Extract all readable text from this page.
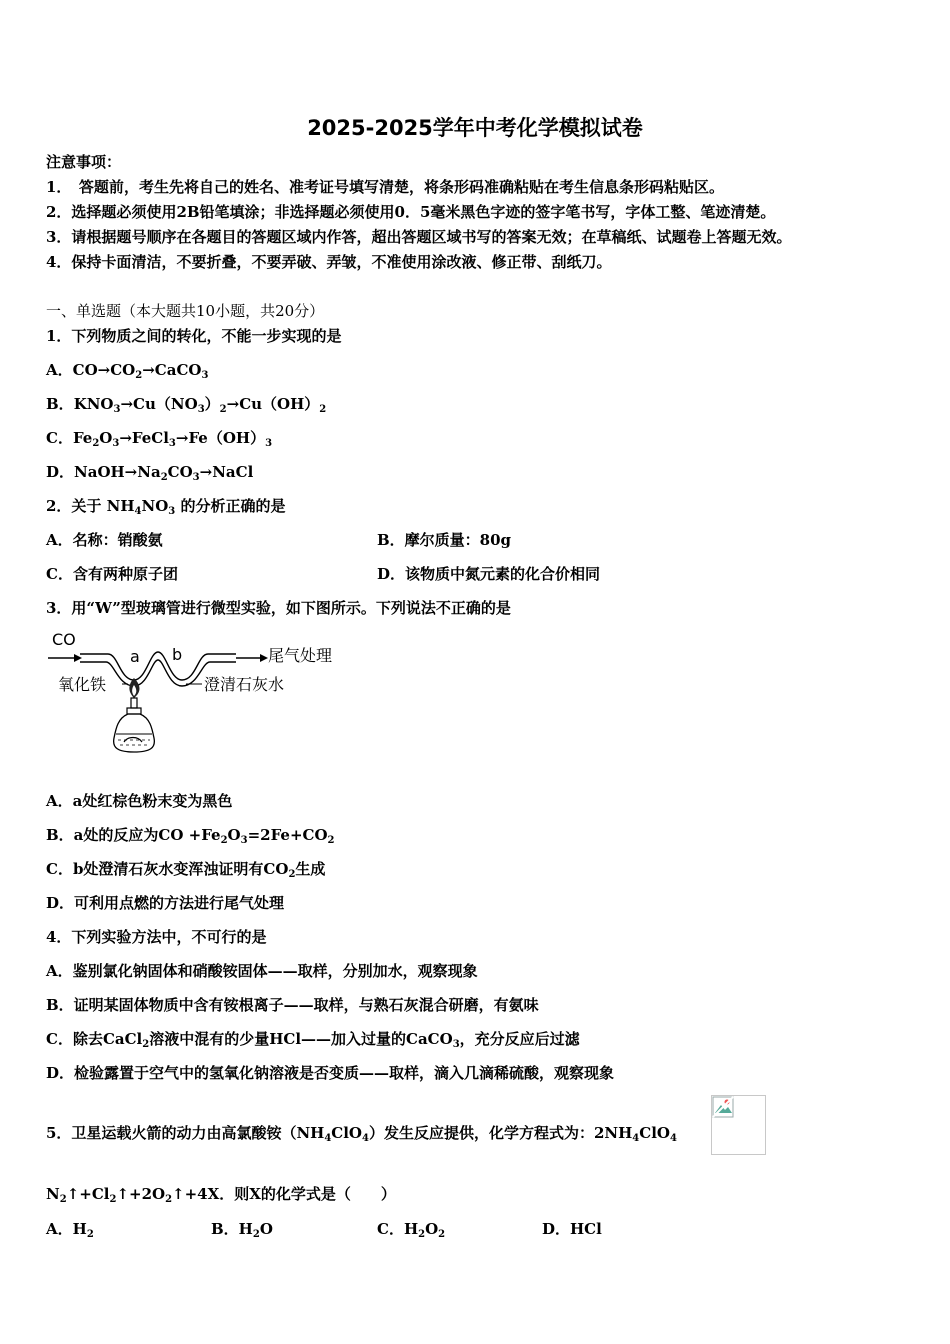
2025-2025学年中考化学模拟试卷
注意事项：
1．　答题前，考生先将自己的姓名、准考证号填写清楚，将条形码准确粘贴在考生信息条形码粘贴区。
2．选择题必须使用2B铅笔填涂；非选择题必须使用0．5毫米黑色字迹的签字笔书写，字体工整、笔迹清楚。
3．请根据题号顺序在各题目的答题区域内作答，超出答题区域书写的答案无效；在草稿纸、试题卷上答题无效。
4．保持卡面清洁，不要折叠，不要弄破、弄皱，不准使用涂改液、修正带、刮纸刀。
一、单选题（本大题共10小题，共20分）
1．下列物质之间的转化，不能一步实现的是
A．$CO\to CO_2\to CaCO_3$
B．$KNO_3\to Cu(NO_3)_2\to Cu(OH)_2$
C．$Fe_2O_3\to FeCl_3\to Fe(OH)_3$
D．$NaOH\to Na_2CO_3\to NaCl$
2．关于 $NH_4NO_3$ 的分析正确的是
A．名称：销酸氨	B．摩尔质量：80g
C．含有两种原子团	D．该物质中氮元素的化合价相同
3．用“W”型玻璃管进行微型实验，如下图所示。下列说法不正确的是
CO
a b	尾气处理
氧化铁	澄清石灰水
A．a处红棕色粉末变为黑色
B．a处的反应为CO $+Fe_2O_3=2Fe+CO_2$
C．b处澄清石灰水变浑浊证明有$CO_2$生成
D．可利用点燃的方法进行尾气处理
4．下列实验方法中，不可行的是
A．鉴别氯化钠固体和硝酸铵固体——取样，分别加水，观察现象
B．证明某固体物质中含有铵根离子——取样，与熟石灰混合研磨，有氨味
C．除去CaCl$_2$溶液中混有的少量HCl——加入过量的CaCO$_3$，充分反应后过滤
D．检验露置于空气中的氢氧化钠溶液是否变质——取样，滴入几滴稀硫酸，观察现象
5．卫星运载火箭的动力由高氯酸铵$(NH_4ClO_4)$发生反应提供，化学方程式为：$2NH_4ClO_4$
$N_2↑+Cl_2↑+2O_2↑+4X$．则X的化学式是（　　）
A．$H_2$	B．$H_2O$	C．$H_2O_2$	D．HCl
